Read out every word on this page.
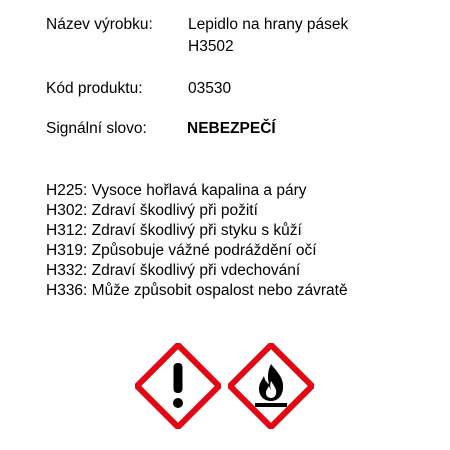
Název výrobku: Lepidlo na hrany pásek
H3502
Kód produktu:	03530
Signální slovo:	NEBEZPEČÍ
H225: Vysoce hořlavá kapalina a páry
H302: Zdraví škodlivý při požití
H312: Zdraví škodlivý při styku s kůží
H319: Způsobuje vážné podráždění očí
H332: Zdraví škodlivý při vdechování
H336: Může způsobit ospalost nebo závratě
